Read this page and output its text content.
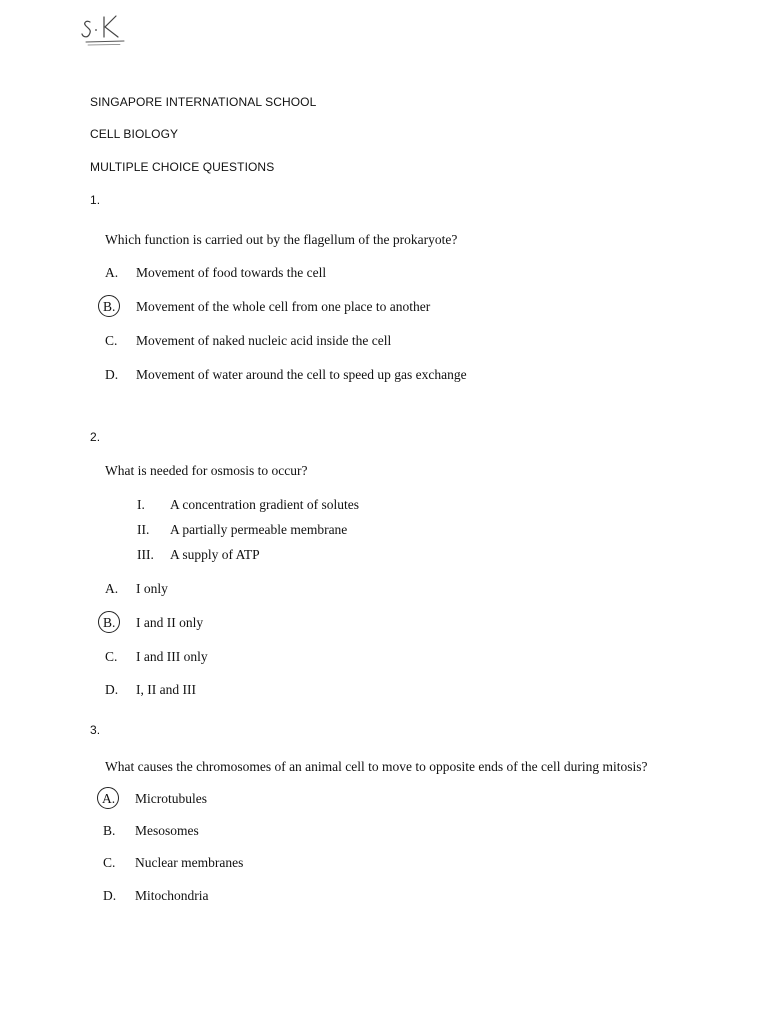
SINGAPORE INTERNATIONAL SCHOOL
CELL BIOLOGY
MULTIPLE CHOICE QUESTIONS
1.
Which function is carried out by the flagellum of the prokaryote?
A. Movement of food towards the cell
B. Movement of the whole cell from one place to another
C. Movement of naked nucleic acid inside the cell
D. Movement of water around the cell to speed up gas exchange
2.
What is needed for osmosis to occur?
I. A concentration gradient of solutes
II. A partially permeable membrane
III. A supply of ATP
A. I only
B. I and II only
C. I and III only
D. I, II and III
3.
What causes the chromosomes of an animal cell to move to opposite ends of the cell during mitosis?
A. Microtubules
B. Mesosomes
C. Nuclear membranes
D. Mitochondria
